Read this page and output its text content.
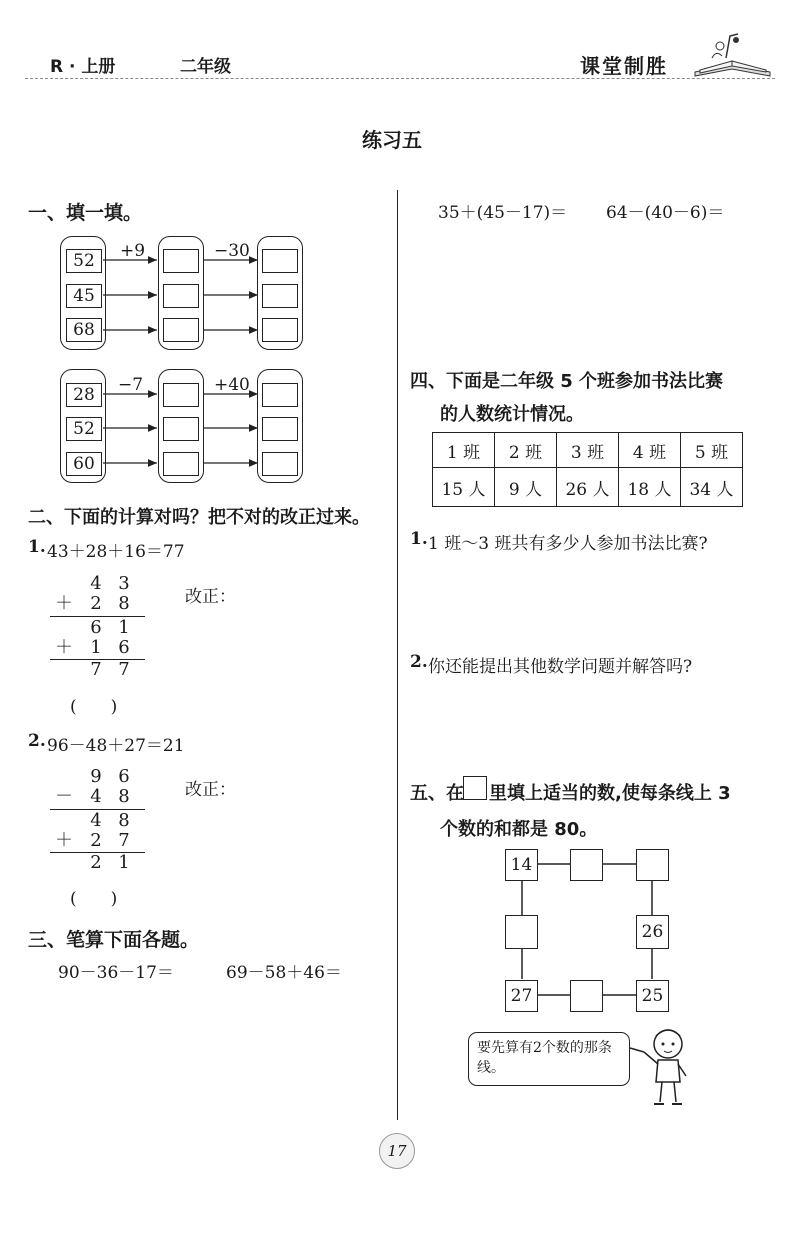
R · 上册	二年级	课堂制胜
练习五
一、填一填。
52
45
68
+9	−30
28
52
60
−7	+40
二、下面的计算对吗？把不对的改正过来。
1. 43＋28＋16＝77
4 3
＋ 2 8
6 1
＋ 1 6
7 7
改正：
(　　)
2. 96－48＋27＝21
9 6
－ 4 8
4 8
＋ 2 7
2 1
改正：
(　　)
三、笔算下面各题。
90－36－17＝	69－58＋46＝
35＋(45－17)＝ 64－(40－6)＝
四、下面是二年级 5 个班参加书法比赛
的人数统计情况。
1 班	2 班	3 班	4 班	5 班
15 人	9 人	26 人	18 人	34 人
1. 1 班～3 班共有多少人参加书法比赛?
2. 你还能提出其他数学问题并解答吗?
五、在 里填上适当的数,使每条线上 3
个数的和都是 80。
14
26
27	25
要先算有2个数的那条线。
17
